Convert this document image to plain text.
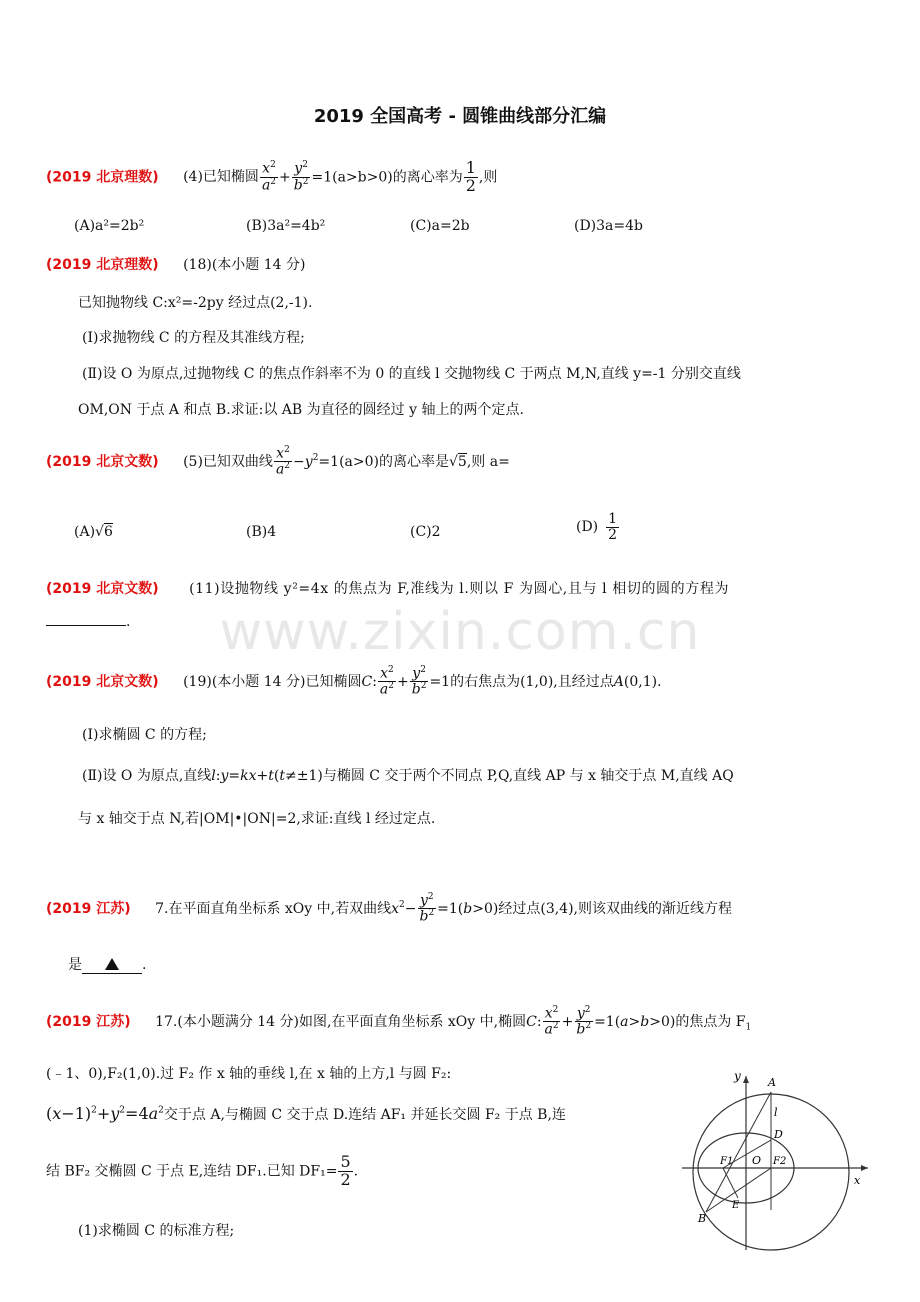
2019 全国高考 - 圆锥曲线部分汇编
www.zixin.com.cn
(2019 北京理数) (4)已知椭圆 $\frac{x^2}{a^2} + \frac{y^2}{b^2} =1(a>b>0)$的离心率为 $\frac{1}{2}$ ,则
(A)a²=2b²	(B)3a²=4b²	(C)a=2b	(D)3a=4b
(2019 北京理数) (18)(本小题 14 分)
已知抛物线 C:x²=-2py 经过点(2,-1).
(Ⅰ)求抛物线 C 的方程及其准线方程;
(Ⅱ)设 O 为原点,过抛物线 C 的焦点作斜率不为 0 的直线 l 交抛物线 C 于两点 M,N,直线 y=-1 分别交直线
OM,ON 于点 A 和点 B.求证:以 AB 为直径的圆经过 y 轴上的两个定点.
(2019 北京文数) (5)已知双曲线 $\frac{x^2}{a^2} -y^2=1(a>0)$的离心率是√5,则 a=
(A)√6	(B)4	(C)2	$(D) \frac{1}{2}$
(2019 北京文数) (11)设抛物线 y²=4x 的焦点为 F,准线为 l.则以 F 为圆心,且与 l 相切的圆的方程为
.
(2019 北京文数) (19)(本小题 14 分)已知椭圆C: $\frac{x^2}{a^2} + \frac{y^2}{b^2} =1$的右焦点为(1,0),且经过点A(0,1).
(Ⅰ)求椭圆 C 的方程;
(Ⅱ)设 O 为原点,直线l:y=kx+t(t≠±1)与椭圆 C 交于两个不同点 P,Q,直线 AP 与 x 轴交于点 M,直线 AQ
与 x 轴交于点 N,若|OM|•|ON|=2,求证:直线 l 经过定点.
(2019 江苏) 7.在平面直角坐标系 xOy 中,若双曲线$x^2- \frac{y^2}{b^2} =1(b>0)$经过点(3,4),则该双曲线的渐近线方程
是	.
(2019 江苏) 17.(本小题满分 14 分)如图,在平面直角坐标系 xOy 中,椭圆C: $\frac{x^2}{a^2} + \frac{y^2}{b^2} =1(a>b>0)$的焦点为 $F_1$
(﹣1、0),F₂(1,0).过 F₂ 作 x 轴的垂线 l,在 x 轴的上方,l 与圆 F₂:
$(x-1)^2+y^2=4a^2$交于点 A,与椭圆 C 交于点 D.连结 AF₁ 并延长交圆 F₂ 于点 B,连
结 BF₂ 交椭圆 C 于点 E,连结 DF₁.已知 $DF_1= \frac{5}{2}$ .
(1)求椭圆 C 的标准方程;
y A
l
D
F1 O F2
x
E
B
